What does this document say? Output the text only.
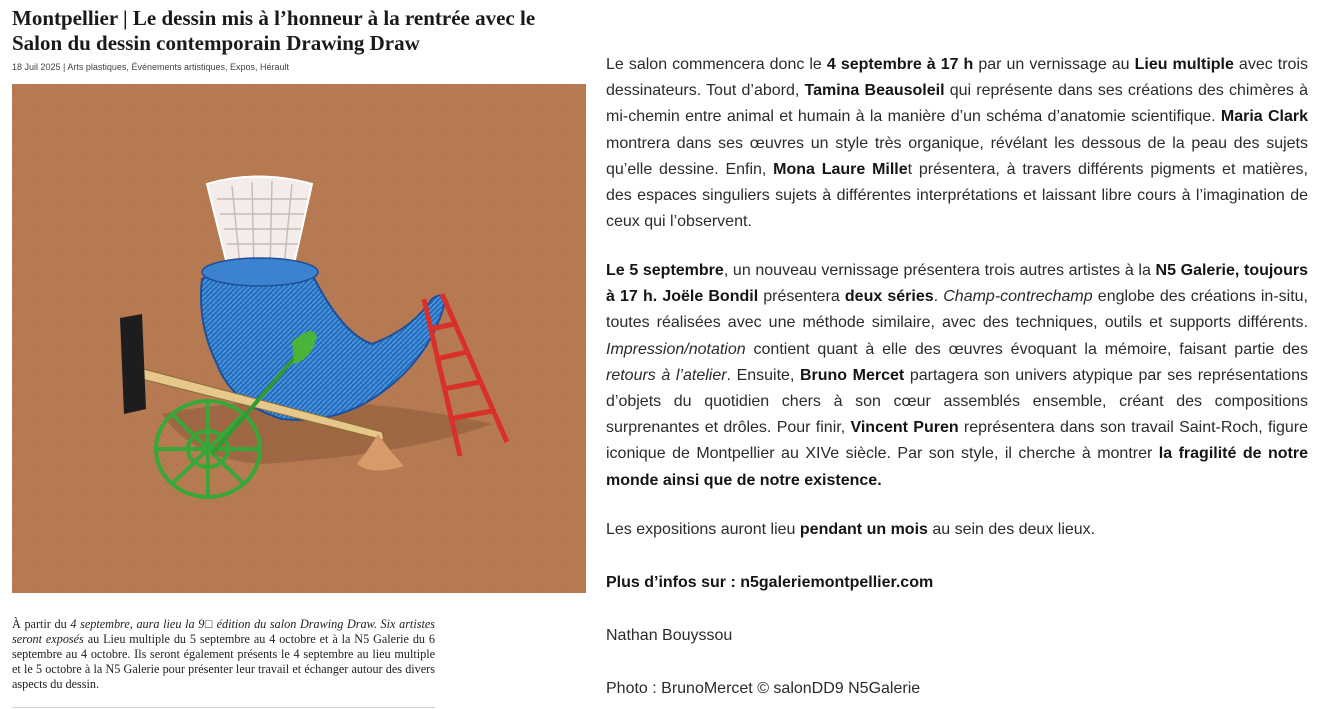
Montpellier | Le dessin mis à l’honneur à la rentrée avec le Salon du dessin contemporain Drawing Draw
18 Juil 2025 | Arts plastiques, Événements artistiques, Expos, Hérault
À partir du 4 septembre, aura lieu la 9□ édition du salon Drawing Draw. Six artistes seront exposés au Lieu multiple du 5 septembre au 4 octobre et à la N5 Galerie du 6 septembre au 4 octobre. Ils seront également présents le 4 septembre au lieu multiple et le 5 octobre à la N5 Galerie pour présenter leur travail et échanger autour des divers aspects du dessin.

Le salon commencera donc le 4 septembre à 17 h par un vernissage au Lieu multiple avec trois dessinateurs. Tout d’abord, Tamina Beausoleil qui représente dans ses créations des chimères à mi-chemin entre animal et humain à la manière d’un schéma d’anatomie scientifique. Maria Clark montrera dans ses œuvres un style très organique, révélant les dessous de la peau des sujets qu’elle dessine. Enfin, Mona Laure Millet présentera, à travers différents pigments et matières, des espaces singuliers sujets à différentes interprétations et laissant libre cours à l’imagination de ceux qui l’observent.

Le 5 septembre, un nouveau vernissage présentera trois autres artistes à la N5 Galerie, toujours à 17 h. Joële Bondil présentera deux séries. Champ-contrechamp englobe des créations in-situ, toutes réalisées avec une méthode similaire, avec des techniques, outils et supports différents. Impression/notation contient quant à elle des œuvres évoquant la mémoire, faisant partie des retours à l’atelier. Ensuite, Bruno Mercet partagera son univers atypique par ses représentations d’objets du quotidien chers à son cœur assemblés ensemble, créant des compositions surprenantes et drôles. Pour finir, Vincent Puren représentera dans son travail Saint-Roch, figure iconique de Montpellier au XIVe siècle. Par son style, il cherche à montrer la fragilité de notre monde ainsi que de notre existence.

Les expositions auront lieu pendant un mois au sein des deux lieux.

Plus d’infos sur : n5galeriemontpellier.com

Nathan Bouyssou

Photo : BrunoMercet © salonDD9 N5Galerie
